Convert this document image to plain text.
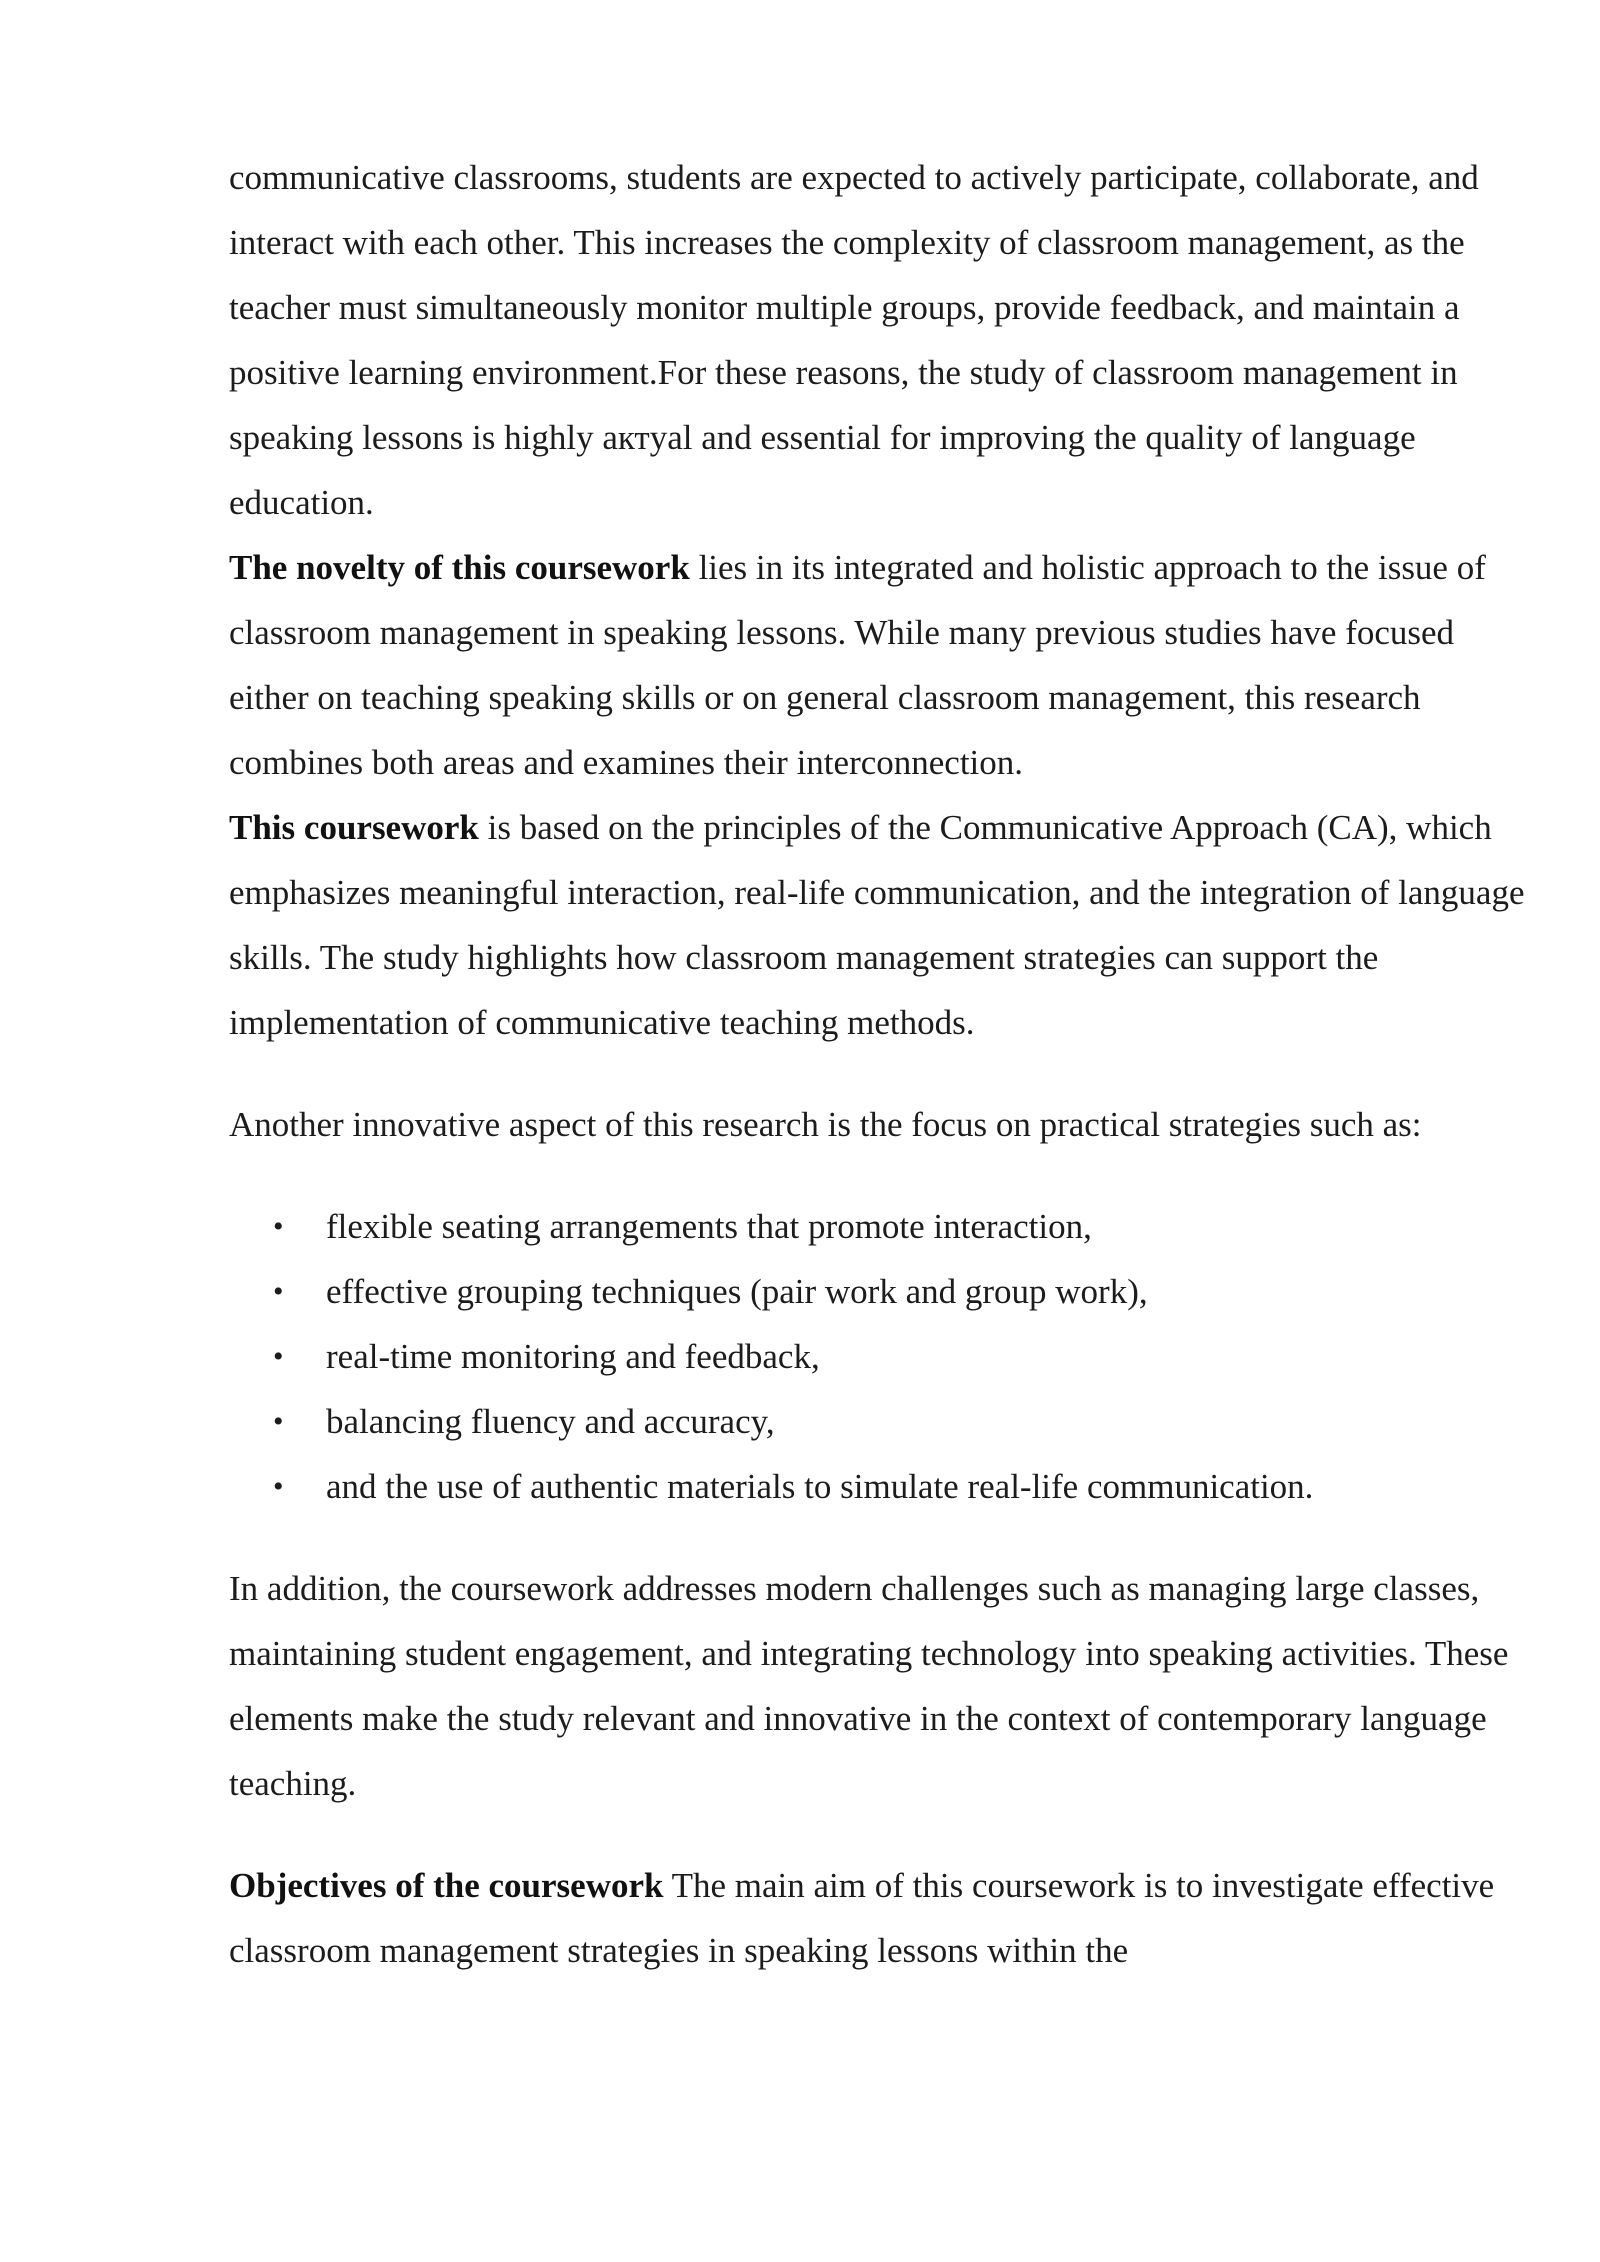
communicative classrooms, students are expected to actively participate, collaborate, and interact with each other. This increases the complexity of classroom management, as the teacher must simultaneously monitor multiple groups, provide feedback, and maintain a positive learning environment.For these reasons, the study of classroom management in speaking lessons is highly актyal and essential for improving the quality of language education.

The novelty of this coursework lies in its integrated and holistic approach to the issue of classroom management in speaking lessons. While many previous studies have focused either on teaching speaking skills or on general classroom management, this research combines both areas and examines their interconnection.

This coursework is based on the principles of the Communicative Approach (CA), which emphasizes meaningful interaction, real-life communication, and the integration of language skills. The study highlights how classroom management strategies can support the implementation of communicative teaching methods.

Another innovative aspect of this research is the focus on practical strategies such as:

• flexible seating arrangements that promote interaction,
• effective grouping techniques (pair work and group work),
• real-time monitoring and feedback,
• balancing fluency and accuracy,
• and the use of authentic materials to simulate real-life communication.

In addition, the coursework addresses modern challenges such as managing large classes, maintaining student engagement, and integrating technology into speaking activities. These elements make the study relevant and innovative in the context of contemporary language teaching.

Objectives of the coursework The main aim of this coursework is to investigate effective classroom management strategies in speaking lessons within the
